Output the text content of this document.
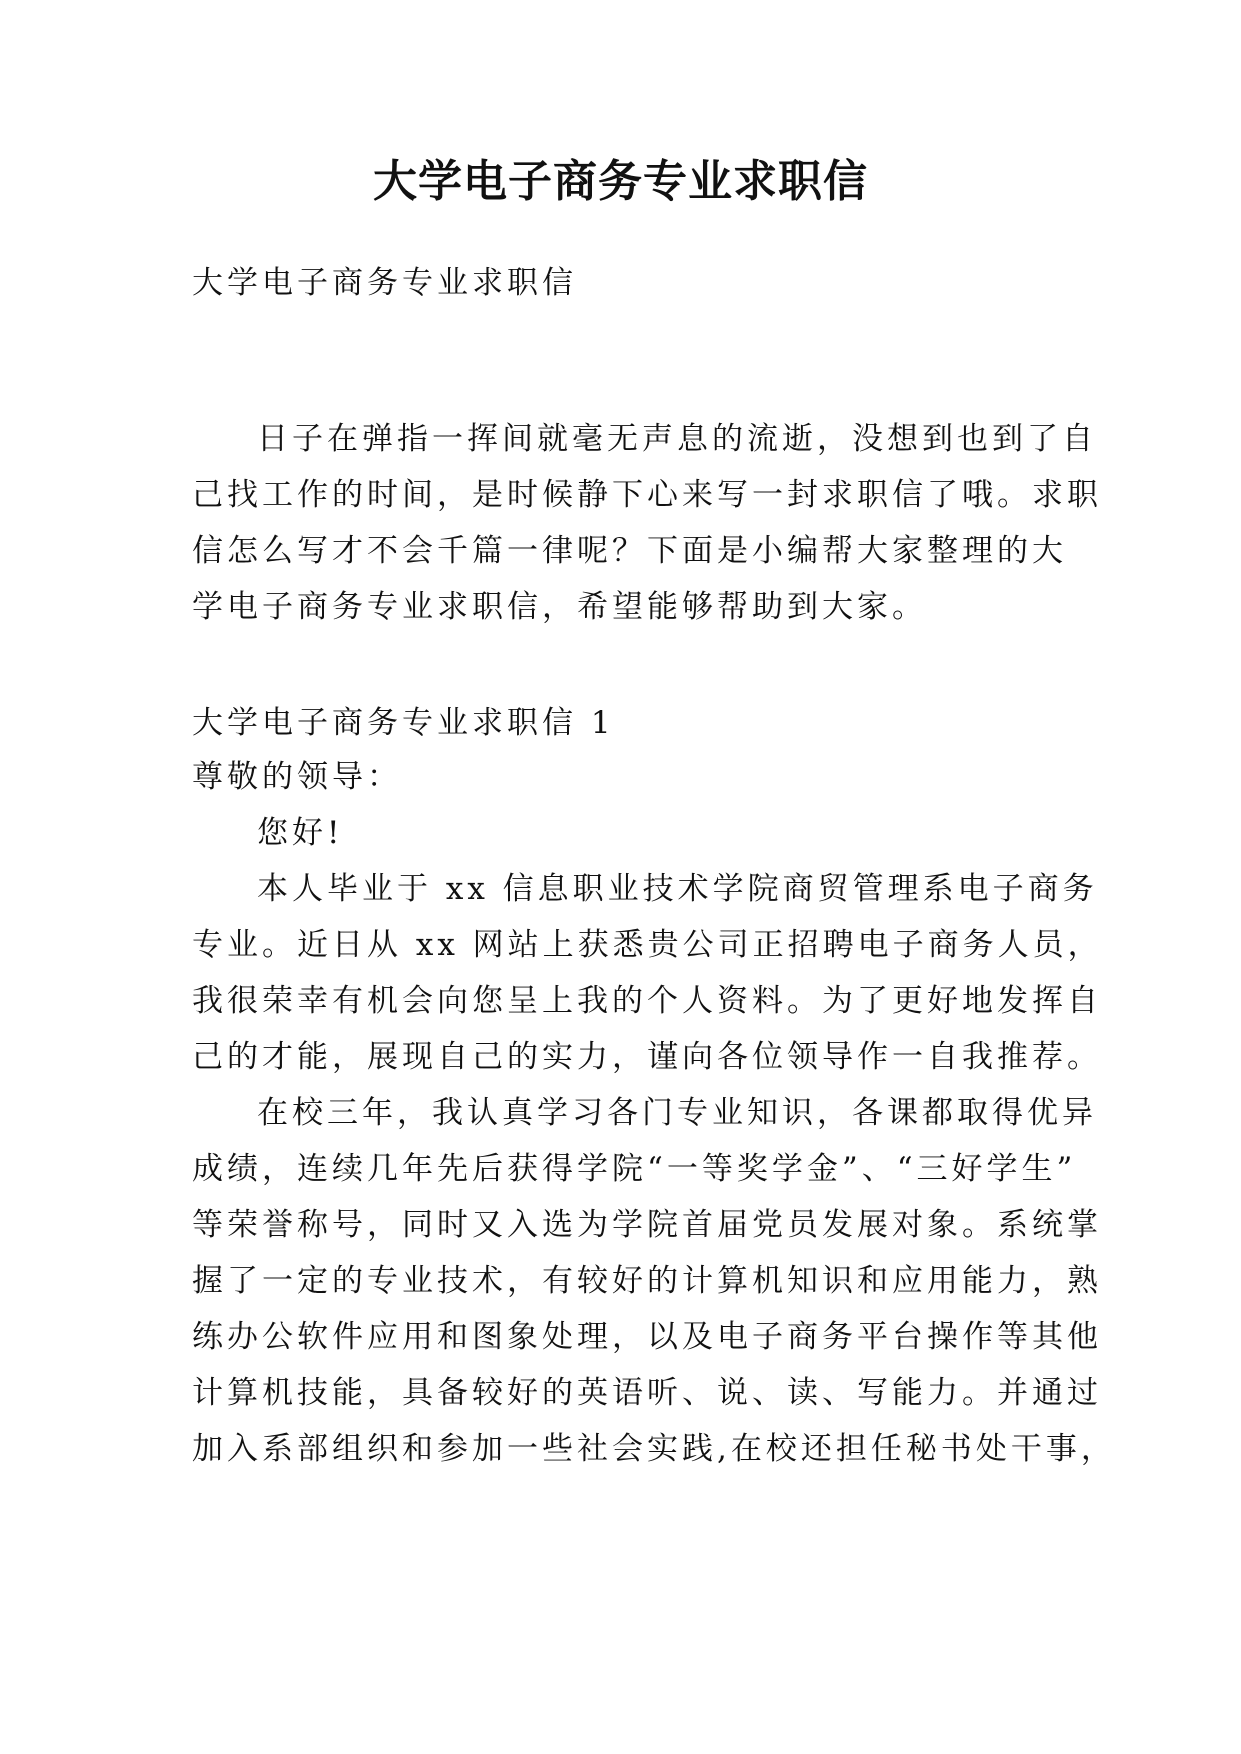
大学电子商务专业求职信
大学电子商务专业求职信
日子在弹指一挥间就毫无声息的流逝，没想到也到了自
己找工作的时间，是时候静下心来写一封求职信了哦。求职
信怎么写才不会千篇一律呢？下面是小编帮大家整理的大
学电子商务专业求职信，希望能够帮助到大家。
大学电子商务专业求职信 1
尊敬的领导：
您好!
本人毕业于 xx 信息职业技术学院商贸管理系电子商务
专业。近日从 xx 网站上获悉贵公司正招聘电子商务人员，
我很荣幸有机会向您呈上我的个人资料。为了更好地发挥自
己的才能，展现自己的实力，谨向各位领导作一自我推荐。
在校三年，我认真学习各门专业知识，各课都取得优异
成绩，连续几年先后获得学院“一等奖学金”、“三好学生”
等荣誉称号，同时又入选为学院首届党员发展对象。系统掌
握了一定的专业技术，有较好的计算机知识和应用能力，熟
练办公软件应用和图象处理，以及电子商务平台操作等其他
计算机技能，具备较好的英语听、说、读、写能力。并通过
加入系部组织和参加一些社会实践,在校还担任秘书处干事，
